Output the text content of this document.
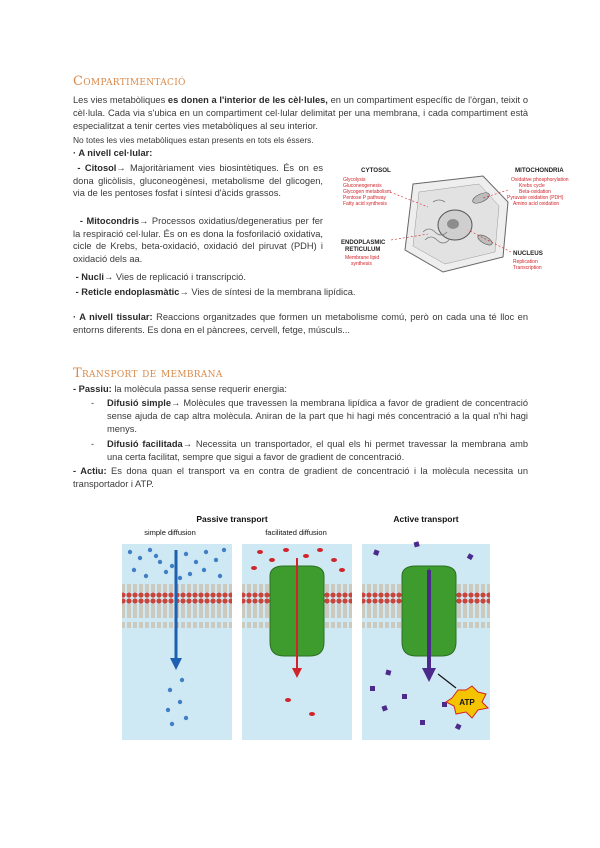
Compartimentació
Les vies metabòliques es donen a l'interior de les cèl·lules, en un compartiment específic de l'òrgan, teixit o cèl·lula. Cada via s'ubica en un compartiment cel·lular delimitat per una membrana, i cada compartiment està especialitzat a tenir certes vies metabòliques al seu interior.
No totes les vies metabòliques estan presents en tots els éssers.
· A nivell cel·lular:
- Citosol→ Majoritàriament vies biosintètiques. És on es dona glicòlisis, gluconeogènesi, metabolisme del glicogen, via de les pentoses fosfat i síntesi d'àcids grassos.
- Mitocondris→ Processos oxidatius/degeneratius per fer la respiració cel·lular. És on es dona la fosforilació oxidativa, cicle de Krebs, beta-oxidació, oxidació del piruvat (PDH) i oxidació dels aa.
- Nucli→ Vies de replicació i transcripció.
- Reticle endoplasmàtic→ Vies de síntesi de la membrana lipídica.
· A nivell tissular: Reaccions organitzades que formen un metabolisme comú, però on cada una té lloc en entorns diferents. Es dona en el pàncrees, cervell, fetge, músculs...
CYTOSOL
Glycolysis
Gluconeogenesis
Glycogen metabolism
Pentose P pathway
Fatty acid synthesis
MITOCHONDRIA
Oxidative phosphorylation
Krebs cycle
Beta-oxidation
Pyruvate oxidation (PDH)
Amino acid oxidation
ENDOPLASMIC
RETICULUM
Membrane lipid
synthesis
NUCLEUS
Replication
Transcription
Transport de membrana
- Passiu: la molècula passa sense requerir energia:
-	Difusió simple→ Molècules que travessen la membrana lipídica a favor de gradient de concentració sense ajuda de cap altra molècula. Aniran de la part que hi hagi més concentració a la qual n'hi hagi menys.
-	Difusió facilitada→ Necessita un transportador, el qual els hi permet travessar la membrana amb una certa facilitat, sempre que sigui a favor de gradient de concentració.
- Actiu: Es dona quan el transport va en contra de gradient de concentració i la molècula necessita un transportador i ATP.
Passive transport	Active transport
simple diffusion	facilitated diffusion
ATP
